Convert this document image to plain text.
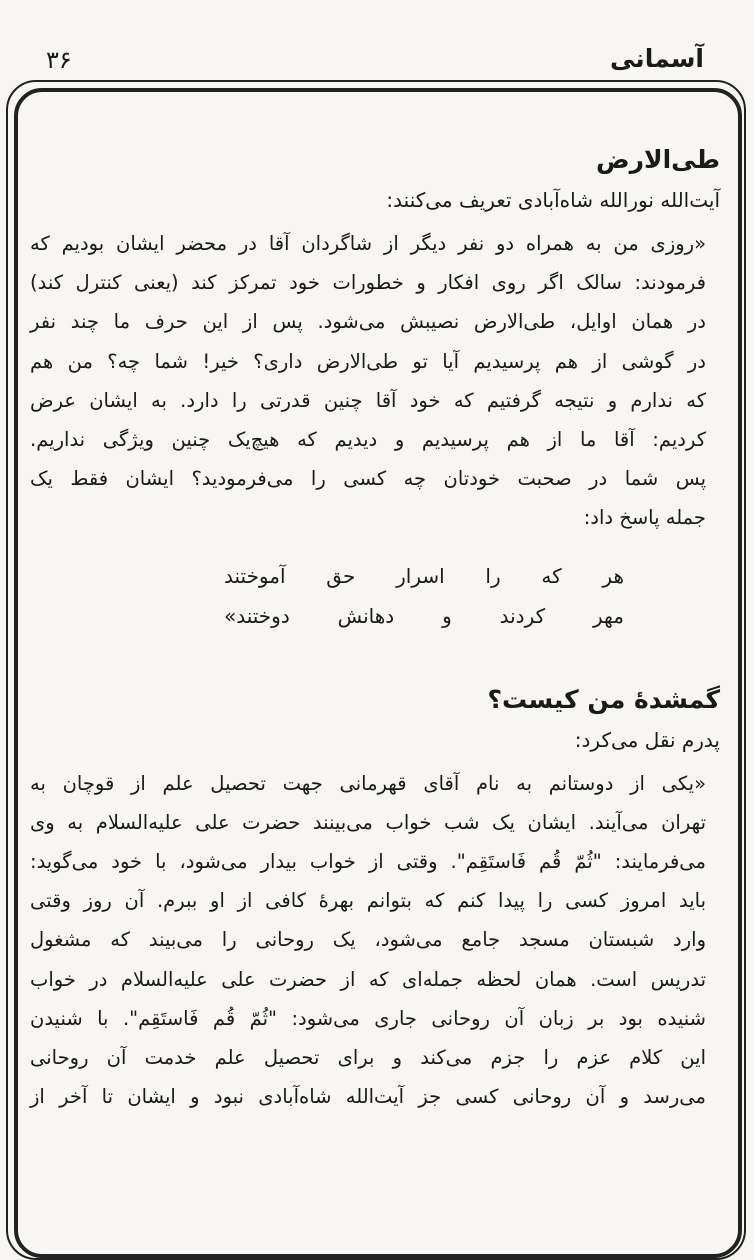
آسمانی
۳۶
طی‌الارض

آیت‌الله نورالله شاه‌آبادی تعریف می‌کنند:

«روزی من به همراه دو نفر دیگر از شاگردان آقا در محضر ایشان بودیم که
فرمودند: سالک اگر روی افکار و خطورات خود تمرکز کند (یعنی کنترل کند)
در همان اوایل، طی‌الارض نصیبش می‌شود. پس از این حرف ما چند نفر
در گوشی از هم پرسیدیم آیا تو طی‌الارض داری؟ خیر! شما چه؟ من هم
که ندارم و نتیجه گرفتیم که خود آقا چنین قدرتی را دارد. به ایشان عرض
کردیم: آقا ما از هم پرسیدیم و دیدیم که هیچ‌یک چنین ویژگی نداریم.
پس شما در صحبت خودتان چه کسی را می‌فرمودید؟ ایشان فقط یک
جمله پاسخ داد:
هر که را اسرار حق آموختند
مهر کردند و دهانش دوختند»
گمشدهٔ من کیست؟

پدرم نقل می‌کرد:

«یکی از دوستانم به نام آقای قهرمانی جهت تحصیل علم از قوچان به
تهران می‌آیند. ایشان یک شب خواب می‌بینند حضرت علی علیه‌السلام به وی
می‌فرمایند: "ثُمّ قُم فَاستَقِم". وقتی از خواب بیدار می‌شود، با خود می‌گوید:
باید امروز کسی را پیدا کنم که بتوانم بهرهٔ کافی از او ببرم. آن روز وقتی
وارد شبستان مسجد جامع می‌شود، یک روحانی را می‌بیند که مشغول
تدریس است. همان لحظه جمله‌ای که از حضرت علی علیه‌السلام در خواب
شنیده بود بر زبان آن روحانی جاری می‌شود: "ثُمّ قُم فَاستَقِم". با شنیدن
این کلام عزم را جزم می‌کند و برای تحصیل علم خدمت آن روحانی
می‌رسد و آن روحانی کسی جز آیت‌الله شاه‌آبادی نبود و ایشان تا آخر از
